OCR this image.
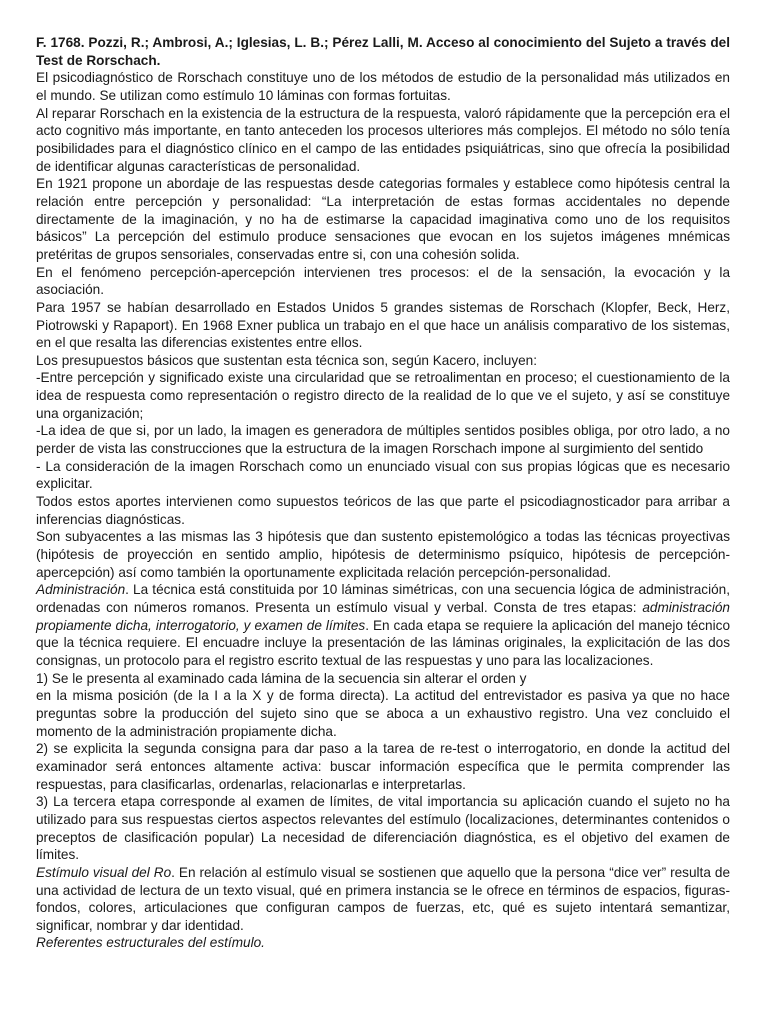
F. 1768. Pozzi, R.; Ambrosi, A.; Iglesias, L. B.; Pérez Lalli, M. Acceso al conocimiento del Sujeto a través del Test de Rorschach.

El psicodiagnóstico de Rorschach constituye uno de los métodos de estudio de la personalidad más utilizados en el mundo. Se utilizan como estímulo 10 láminas con formas fortuitas.

Al reparar Rorschach en la existencia de la estructura de la respuesta, valoró rápidamente que la percepción era el acto cognitivo más importante, en tanto anteceden los procesos ulteriores más complejos. El método no sólo tenía posibilidades para el diagnóstico clínico en el campo de las entidades psiquiátricas, sino que ofrecía la posibilidad de identificar algunas características de personalidad.

En 1921 propone un abordaje de las respuestas desde categorias formales y establece como hipótesis central la relación entre percepción y personalidad: “La interpretación de estas formas accidentales no depende directamente de la imaginación, y no ha de estimarse la capacidad imaginativa como uno de los requisitos básicos” La percepción del estimulo produce sensaciones que evocan en los sujetos imágenes mnémicas pretéritas de grupos sensoriales, conservadas entre si, con una cohesión solida.

En el fenómeno percepción-apercepción intervienen tres procesos: el de la sensación, la evocación y la asociación.

Para 1957 se habían desarrollado en Estados Unidos 5 grandes sistemas de Rorschach (Klopfer, Beck, Herz, Piotrowski y Rapaport). En 1968 Exner publica un trabajo en el que hace un análisis comparativo de los sistemas, en el que resalta las diferencias existentes entre ellos.

Los presupuestos básicos que sustentan esta técnica son, según Kacero, incluyen:

-Entre percepción y significado existe una circularidad que se retroalimentan en proceso; el cuestionamiento de la idea de respuesta como representación o registro directo de la realidad de lo que ve el sujeto, y así se constituye una organización;

-La idea de que si, por un lado, la imagen es generadora de múltiples sentidos posibles obliga, por otro lado, a no perder de vista las construcciones que la estructura de la imagen Rorschach impone al surgimiento del sentido

- La consideración de la imagen Rorschach como un enunciado visual con sus propias lógicas que es necesario explicitar.

Todos estos aportes intervienen como supuestos teóricos de las que parte el psicodiagnosticador para arribar a inferencias diagnósticas.

Son subyacentes a las mismas las 3 hipótesis que dan sustento epistemológico a todas las técnicas proyectivas (hipótesis de proyección en sentido amplio, hipótesis de determinismo psíquico, hipótesis de percepción-apercepción) así como también la oportunamente explicitada relación percepción-personalidad.

Administración. La técnica está constituida por 10 láminas simétricas, con una secuencia lógica de administración, ordenadas con números romanos. Presenta un estímulo visual y verbal. Consta de tres etapas: administración propiamente dicha, interrogatorio, y examen de límites. En cada etapa se requiere la aplicación del manejo técnico que la técnica requiere. El encuadre incluye la presentación de las láminas originales, la explicitación de las dos consignas, un protocolo para el registro escrito textual de las respuestas y uno para las localizaciones.

1) Se le presenta al examinado cada lámina de la secuencia sin alterar el orden y

en la misma posición (de la I a la X y de forma directa). La actitud del entrevistador es pasiva ya que no hace preguntas sobre la producción del sujeto sino que se aboca a un exhaustivo registro. Una vez concluido el momento de la administración propiamente dicha.

2) se explicita la segunda consigna para dar paso a la tarea de re-test o interrogatorio, en donde la actitud del examinador será entonces altamente activa: buscar información específica que le permita comprender las respuestas, para clasificarlas, ordenarlas, relacionarlas e interpretarlas.

3) La tercera etapa corresponde al examen de límites, de vital importancia su aplicación cuando el sujeto no ha utilizado para sus respuestas ciertos aspectos relevantes del estímulo (localizaciones, determinantes contenidos o preceptos de clasificación popular) La necesidad de diferenciación diagnóstica, es el objetivo del examen de límites.

Estímulo visual del Ro. En relación al estímulo visual se sostienen que aquello que la persona “dice ver” resulta de una actividad de lectura de un texto visual, qué en primera instancia se le ofrece en términos de espacios, figuras-fondos, colores, articulaciones que configuran campos de fuerzas, etc, qué es sujeto intentará semantizar, significar, nombrar y dar identidad.

Referentes estructurales del estímulo.
